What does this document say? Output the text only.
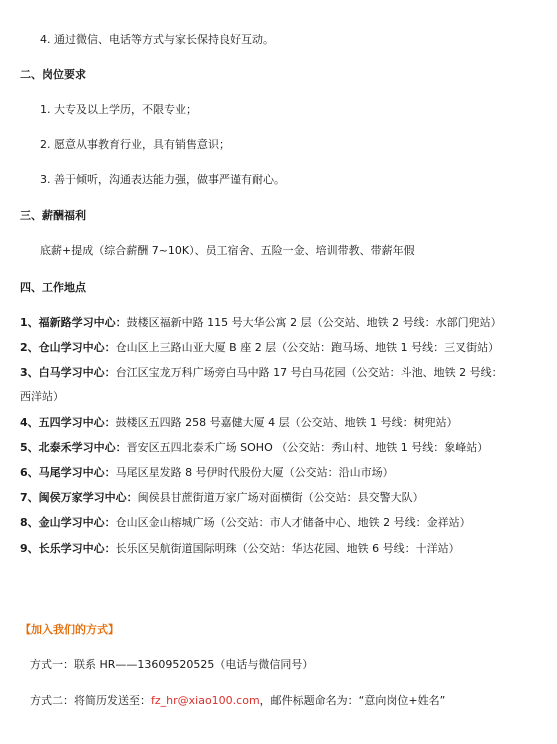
4. 通过微信、电话等方式与家长保持良好互动。
二、岗位要求
1. 大专及以上学历，不限专业；
2. 愿意从事教育行业，具有销售意识；
3. 善于倾听，沟通表达能力强，做事严谨有耐心。
三、薪酬福利
底薪+提成（综合薪酬 7~10K）、员工宿舍、五险一金、培训带教、带薪年假
四、工作地点
1、福新路学习中心：鼓楼区福新中路 115 号大华公寓 2 层（公交站、地铁 2 号线：水部门兜站）
2、仓山学习中心：仓山区上三路山亚大厦 B 座 2 层（公交站：跑马场、地铁 1 号线：三叉街站）
3、白马学习中心：台江区宝龙万科广场旁白马中路 17 号白马花园（公交站：斗池、地铁 2 号线：
西洋站）
4、五四学习中心：鼓楼区五四路 258 号嘉健大厦 4 层（公交站、地铁 1 号线：树兜站）
5、北泰禾学习中心：晋安区五四北泰禾广场 SOHO （公交站：秀山村、地铁 1 号线：象峰站）
6、马尾学习中心：马尾区星发路 8 号伊时代股份大厦（公交站：沿山市场）
7、闽侯万家学习中心：闽侯县甘蔗街道万家广场对面横街（公交站：县交警大队）
8、金山学习中心：仓山区金山榕城广场（公交站：市人才储备中心、地铁 2 号线：金祥站）
9、长乐学习中心：长乐区吴航街道国际明珠（公交站：华达花园、地铁 6 号线：十洋站）
【加入我们的方式】
方式一：联系 HR——13609520525（电话与微信同号）
方式二：将简历发送至：fz_hr@xiao100.com，邮件标题命名为：“意向岗位+姓名”
